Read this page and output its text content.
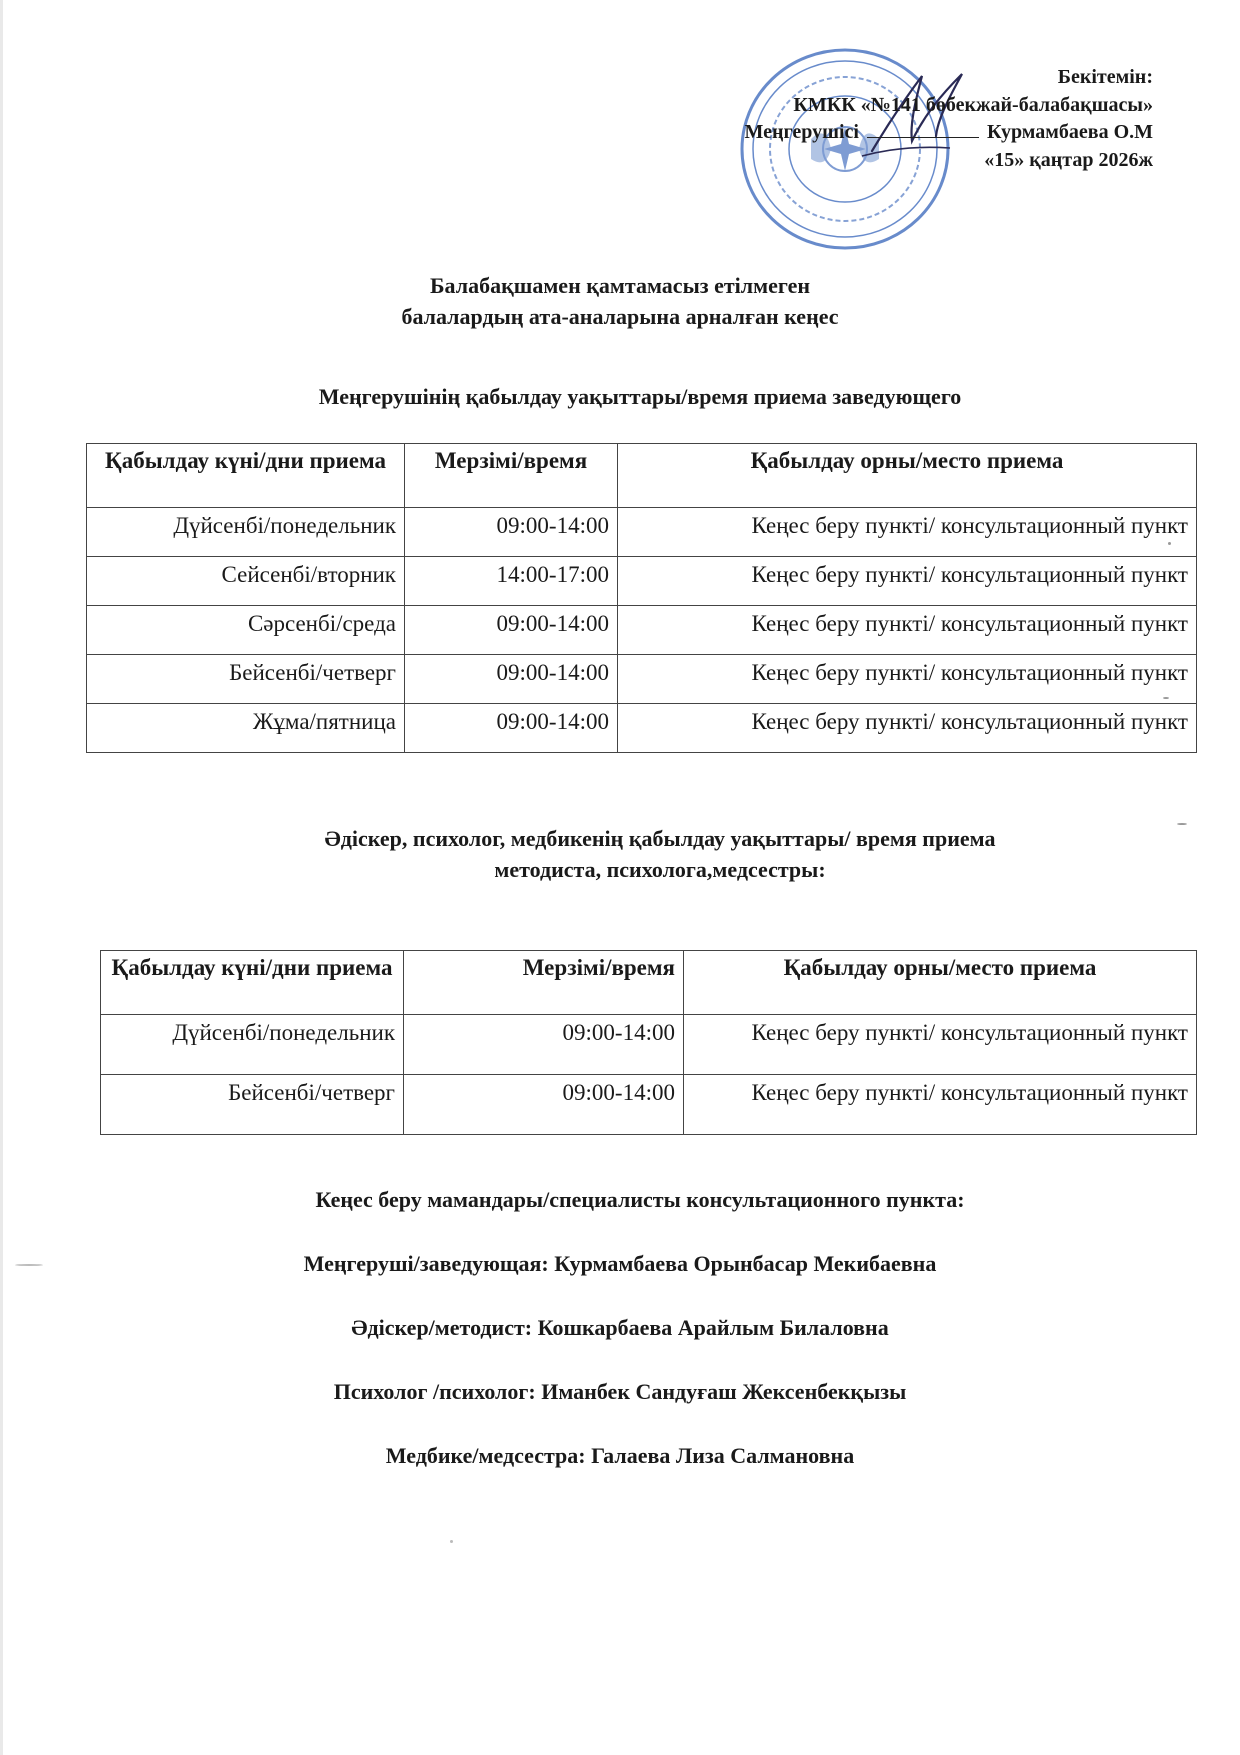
Бекітемін:
КМКК «№141 бөбекжай-балабақшасы»
Меңгерушісі	Курмамбаева О.М
«15» қаңтар 2026ж
Балабақшамен қамтамасыз етілмеген
балалардың ата-аналарына арналған кеңес
Меңгерушінің қабылдау уақыттары/время приема заведующего
Қабылдау күні/дни приема	Мерзімі/время	Қабылдау орны/место приема
Дүйсенбі/понедельник	09:00-14:00	Кеңес беру пункті/ консультационный пункт
Сейсенбі/вторник	14:00-17:00	Кеңес беру пункті/ консультационный пункт
Сәрсенбі/среда	09:00-14:00	Кеңес беру пункті/ консультационный пункт
Бейсенбі/четверг	09:00-14:00	Кеңес беру пункті/ консультационный пункт
Жұма/пятница	09:00-14:00	Кеңес беру пункті/ консультационный пункт
Әдіскер, психолог, медбикенің қабылдау уақыттары/ время приема
методиста, психолога,медсестры:
Қабылдау күні/дни приема	Мерзімі/время	Қабылдау орны/место приема
Дүйсенбі/понедельник	09:00-14:00	Кеңес беру пункті/ консультационный пункт
Бейсенбі/четверг	09:00-14:00	Кеңес беру пункті/ консультационный пункт
Кеңес беру мамандары/специалисты консультационного пункта:
Меңгеруші/заведующая: Курмамбаева Орынбасар Мекибаевна
Әдіскер/методист: Кошкарбаева Арайлым Билаловна
Психолог /психолог: Иманбек Сандуғаш Жексенбекқызы
Медбике/медсестра: Галаева Лиза Салмановна
